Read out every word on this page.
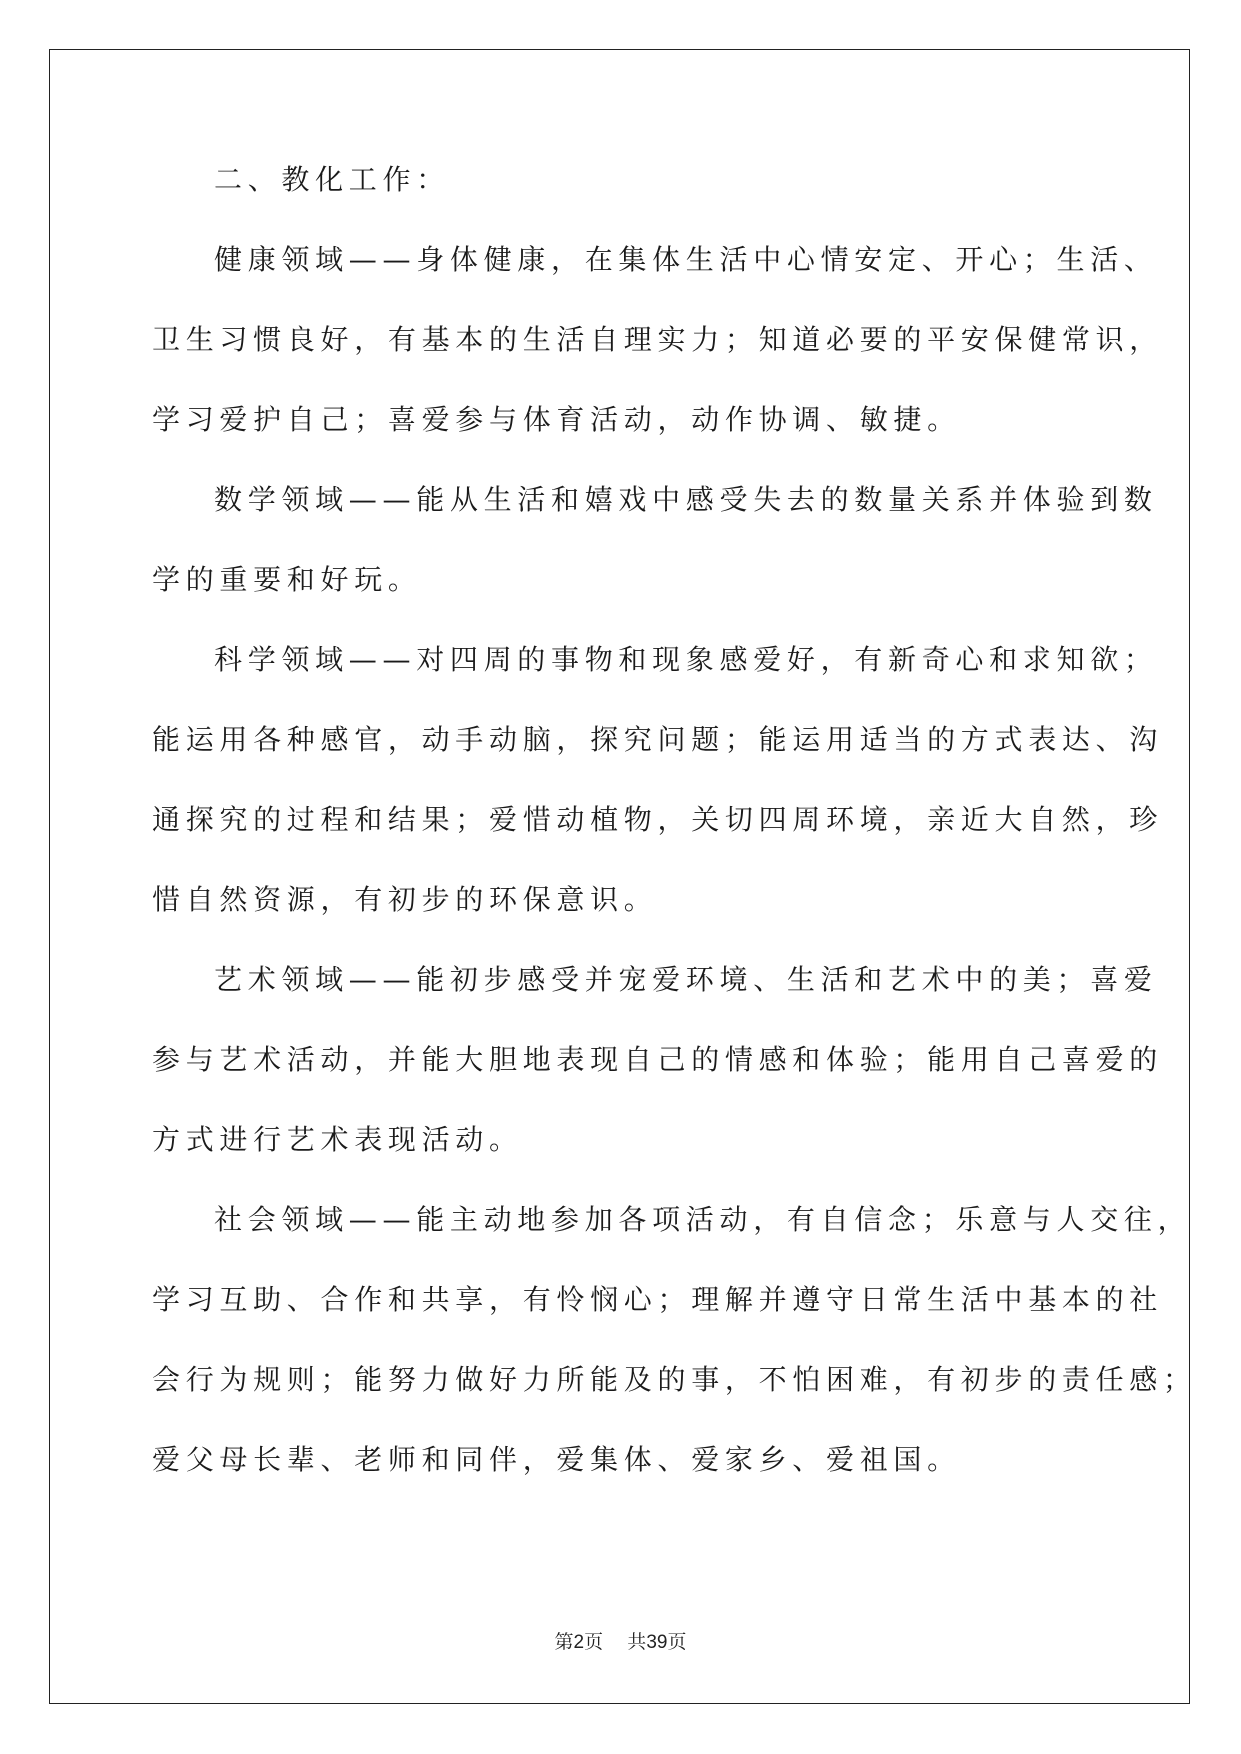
二、教化工作：
健康领域——身体健康，在集体生活中心情安定、开心；生活、
卫生习惯良好，有基本的生活自理实力；知道必要的平安保健常识，
学习爱护自己；喜爱参与体育活动，动作协调、敏捷。
数学领域——能从生活和嬉戏中感受失去的数量关系并体验到数
学的重要和好玩。
科学领域——对四周的事物和现象感爱好，有新奇心和求知欲；
能运用各种感官，动手动脑，探究问题；能运用适当的方式表达、沟
通探究的过程和结果；爱惜动植物，关切四周环境，亲近大自然，珍
惜自然资源，有初步的环保意识。
艺术领域——能初步感受并宠爱环境、生活和艺术中的美；喜爱
参与艺术活动，并能大胆地表现自己的情感和体验；能用自己喜爱的
方式进行艺术表现活动。
社会领域——能主动地参加各项活动，有自信念；乐意与人交往，
学习互助、合作和共享，有怜悯心；理解并遵守日常生活中基本的社
会行为规则；能努力做好力所能及的事，不怕困难，有初步的责任感；
爱父母长辈、老师和同伴，爱集体、爱家乡、爱祖国。
第2页 共39页
